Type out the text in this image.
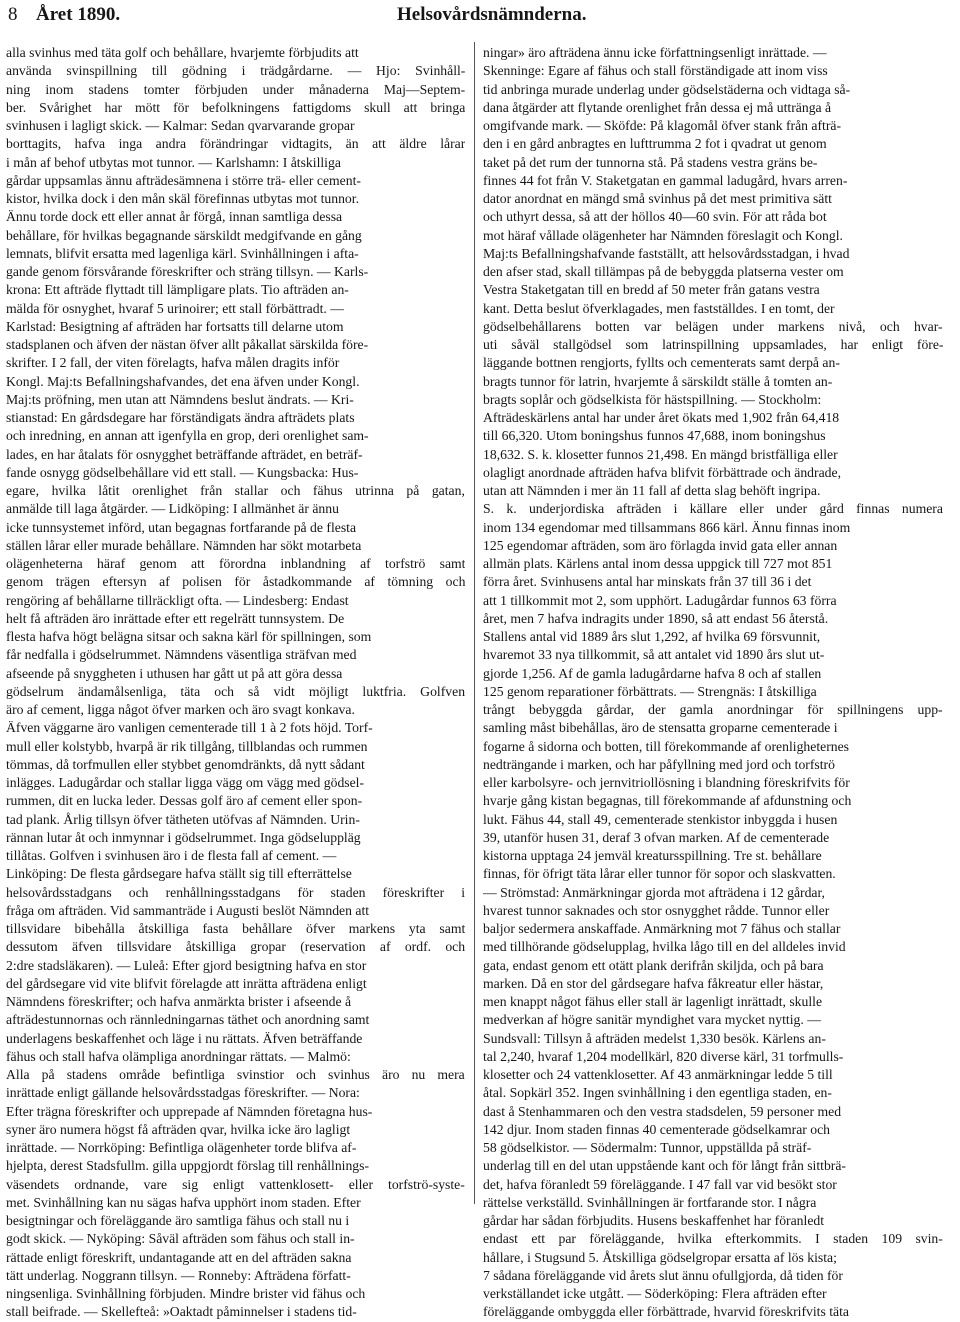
8 Året 1890.	Helsovårdsnämnderna.
alla svinhus med täta golf och behållare, hvarjemte förbjudits att
använda svinspillning till gödning i trädgårdarne. — Hjo: Svinhåll-
ning inom stadens tomter förbjuden under månaderna Maj—Septem-
ber. Svårighet har mött för befolkningens fattigdoms skull att bringa
svinhusen i lagligt skick. — Kalmar: Sedan qvarvarande gropar
borttagits, hafva inga andra förändringar vidtagits, än att äldre lårar
i mån af behof utbytas mot tunnor. — Karlshamn: I åtskilliga
gårdar uppsamlas ännu afträdesämnena i större trä- eller cement-
kistor, hvilka dock i den mån skäl förefinnas utbytas mot tunnor.
Ännu torde dock ett eller annat år förgå, innan samtliga dessa
behållare, för hvilkas begagnande särskildt medgifvande en gång
lemnats, blifvit ersatta med lagenliga kärl. Svinhållningen i afta-
gande genom försvårande föreskrifter och sträng tillsyn. — Karls-
krona: Ett afträde flyttadt till lämpligare plats. Tio afträden an-
mälda för osnyghet, hvaraf 5 urinoirer; ett stall förbättradt. —
Karlstad: Besigtning af afträden har fortsatts till delarne utom
stadsplanen och äfven der nästan öfver allt påkallat särskilda före-
skrifter. I 2 fall, der viten förelagts, hafva målen dragits inför
Kongl. Maj:ts Befallningshafvandes, det ena äfven under Kongl.
Maj:ts pröfning, men utan att Nämndens beslut ändrats. — Kri-
stianstad: En gårdsdegare har förständigats ändra afträdets plats
och inredning, en annan att igenfylla en grop, deri orenlighet sam-
lades, en har åtalats för osnygghet beträffande afträdet, en beträf-
fande osnygg gödselbehållare vid ett stall. — Kungsbacka: Hus-
egare, hvilka låtit orenlighet från stallar och fähus utrinna på gatan,
anmälde till laga åtgärder. — Lidköping: I allmänhet är ännu
icke tunnsystemet införd, utan begagnas fortfarande på de flesta
ställen lårar eller murade behållare. Nämnden har sökt motarbeta
olägenheterna häraf genom att förordna inblandning af torfströ samt
genom trägen eftersyn af polisen för åstadkommande af tömning och
rengöring af behållarne tillräckligt ofta. — Lindesberg: Endast
helt få afträden äro inrättade efter ett regelrätt tunnsystem. De
flesta hafva högt belägna sitsar och sakna kärl för spillningen, som
får nedfalla i gödselrummet. Nämndens väsentliga sträfvan med
afseende på snyggheten i uthusen har gått ut på att göra dessa
gödselrum ändamålsenliga, täta och så vidt möjligt luktfria. Golfven
äro af cement, ligga något öfver marken och äro svagt konkava.
Äfven väggarne äro vanligen cementerade till 1 à 2 fots höjd. Torf-
mull eller kolstybb, hvarpå är rik tillgång, tillblandas och rummen
tömmas, då torfmullen eller stybbet genomdränkts, då nytt sådant
inlägges. Ladugårdar och stallar ligga vägg om vägg med gödsel-
rummen, dit en lucka leder. Dessas golf äro af cement eller spon-
tad plank. Årlig tillsyn öfver tätheten utöfvas af Nämnden. Urin-
rännan lutar åt och inmynnar i gödselrummet. Inga gödseluppläg
tillåtas. Golfven i svinhusen äro i de flesta fall af cement. —
Linköping: De flesta gårdsegare hafva ställt sig till efterrättelse
helsovårdsstadgans och renhållningsstadgans för staden föreskrifter i
fråga om afträden. Vid sammanträde i Augusti beslöt Nämnden att
tillsvidare bibehålla åtskilliga fasta behållare öfver markens yta samt
dessutom äfven tillsvidare åtskilliga gropar (reservation af ordf. och
2:dre stadsläkaren). — Luleå: Efter gjord besigtning hafva en stor
del gårdsegare vid vite blifvit förelagde att inrätta afträdena enligt
Nämndens föreskrifter; och hafva anmärkta brister i afseende å
afträdestunnornas och rännledningarnas täthet och anordning samt
underlagens beskaffenhet och läge i nu rättats. Äfven beträffande
fähus och stall hafva olämpliga anordningar rättats. — Malmö:
Alla på stadens område befintliga svinstior och svinhus äro nu mera
inrättade enligt gällande helsovårdsstadgas föreskrifter. — Nora:
Efter trägna föreskrifter och upprepade af Nämnden företagna hus-
syner äro numera högst få afträden qvar, hvilka icke äro lagligt
inrättade. — Norrköping: Befintliga olägenheter torde blifva af-
hjelpta, derest Stadsfullm. gilla uppgjordt förslag till renhållnings-
väsendets ordnande, vare sig enligt vattenklosett- eller torfströ-syste-
met. Svinhållning kan nu sägas hafva upphört inom staden. Efter
besigtningar och föreläggande äro samtliga fähus och stall nu i
godt skick. — Nyköping: Såväl afträden som fähus och stall in-
rättade enligt föreskrift, undantagande att en del afträden sakna
tätt underlag. Noggrann tillsyn. — Ronneby: Afträdena författ-
ningsenliga. Svinhållning förbjuden. Mindre brister vid fähus och
stall beifrade. — Skellefteå: »Oaktadt påminnelser i stadens tid-
ningar» äro afträdena ännu icke författningsenligt inrättade. —
Skenninge: Egare af fähus och stall förständigade att inom viss
tid anbringa murade underlag under gödselstäderna och vidtaga så-
dana åtgärder att flytande orenlighet från dessa ej må uttränga å
omgifvande mark. — Sköfde: På klagomål öfver stank från afträ-
den i en gård anbragtes en lufttrumma 2 fot i qvadrat ut genom
taket på det rum der tunnorna stå. På stadens vestra gräns be-
finnes 44 fot från V. Staketgatan en gammal ladugård, hvars arren-
dator anordnat en mängd små svinhus på det mest primitiva sätt
och uthyrt dessa, så att der höllos 40—60 svin. För att råda bot
mot häraf vållade olägenheter har Nämnden föreslagit och Kongl.
Maj:ts Befallningshafvande fastställt, att helsovårdsstadgan, i hvad
den afser stad, skall tillämpas på de bebyggda platserna vester om
Vestra Staketgatan till en bredd af 50 meter från gatans vestra
kant. Detta beslut öfverklagades, men fastställdes. I en tomt, der
gödselbehållarens botten var belägen under markens nivå, och hvar-
uti såväl stallgödsel som latrinspillning uppsamlades, har enligt före-
läggande bottnen rengjorts, fyllts och cementerats samt derpå an-
bragts tunnor för latrin, hvarjemte å särskildt ställe å tomten an-
bragts soplår och gödselkista för hästspillning. — Stockholm:
Afträdeskärlens antal har under året ökats med 1,902 från 64,418
till 66,320. Utom boningshus funnos 47,688, inom boningshus
18,632. S. k. klosetter funnos 21,498. En mängd bristfälliga eller
olagligt anordnade afträden hafva blifvit förbättrade och ändrade,
utan att Nämnden i mer än 11 fall af detta slag behöft ingripa.
S. k. underjordiska afträden i källare eller under gård finnas numera
inom 134 egendomar med tillsammans 866 kärl. Ännu finnas inom
125 egendomar afträden, som äro förlagda invid gata eller annan
allmän plats. Kärlens antal inom dessa uppgick till 727 mot 851
förra året. Svinhusens antal har minskats från 37 till 36 i det
att 1 tillkommit mot 2, som upphört. Ladugårdar funnos 63 förra
året, men 7 hafva indragits under 1890, så att endast 56 återstå.
Stallens antal vid 1889 års slut 1,292, af hvilka 69 försvunnit,
hvaremot 33 nya tillkommit, så att antalet vid 1890 års slut ut-
gjorde 1,256. Af de gamla ladugårdarne hafva 8 och af stallen
125 genom reparationer förbättrats. — Strengnäs: I åtskilliga
trångt bebyggda gårdar, der gamla anordningar för spillningens upp-
samling måst bibehållas, äro de stensatta groparne cementerade i
fogarne å sidorna och botten, till förekommande af orenligheternes
nedträngande i marken, och har påfyllning med jord och torfströ
eller karbolsyre- och jernvitriollösning i blandning föreskrifvits för
hvarje gång kistan begagnas, till förekommande af afdunstning och
lukt. Fähus 44, stall 49, cementerade stenkistor inbyggda i husen
39, utanför husen 31, deraf 3 ofvan marken. Af de cementerade
kistorna upptaga 24 jemväl kreatursspillning. Tre st. behållare
finnas, för öfrigt täta lårar eller tunnor för sopor och slaskvatten.
— Strömstad: Anmärkningar gjorda mot afträdena i 12 gårdar,
hvarest tunnor saknades och stor osnygghet rådde. Tunnor eller
baljor sedermera anskaffade. Anmärkning mot 7 fähus och stallar
med tillhörande gödselupplag, hvilka lågo till en del alldeles invid
gata, endast genom ett otätt plank derifrån skiljda, och på bara
marken. Då en stor del gårdsegare hafva fåkreatur eller hästar,
men knappt något fähus eller stall är lagenligt inrättadt, skulle
medverkan af högre sanitär myndighet vara mycket nyttig. —
Sundsvall: Tillsyn å afträden medelst 1,330 besök. Kärlens an-
tal 2,240, hvaraf 1,204 modellkärl, 820 diverse kärl, 31 torfmulls-
klosetter och 24 vattenklosetter. Af 43 anmärkningar ledde 5 till
åtal. Sopkärl 352. Ingen svinhållning i den egentliga staden, en-
dast å Stenhammaren och den vestra stadsdelen, 59 personer med
142 djur. Inom staden finnas 40 cementerade gödselkamrar och
58 gödselkistor. — Södermalm: Tunnor, uppställda på sträf-
underlag till en del utan uppstående kant och för långt från sittbrä-
det, hafva föranledt 59 föreläggande. I 47 fall var vid besökt stor
rättelse verkställd. Svinhållningen är fortfarande stor. I några
gårdar har sådan förbjudits. Husens beskaffenhet har föranledt
endast ett par föreläggande, hvilka efterkommits. I staden 109 svin-
hållare, i Stugsund 5. Åtskilliga gödselgropar ersatta af lös kista;
7 sådana föreläggande vid årets slut ännu ofullgjorda, då tiden för
verkställandet icke utgått. — Söderköping: Flera afträden efter
föreläggande ombyggda eller förbättrade, hvarvid föreskrifvits täta
